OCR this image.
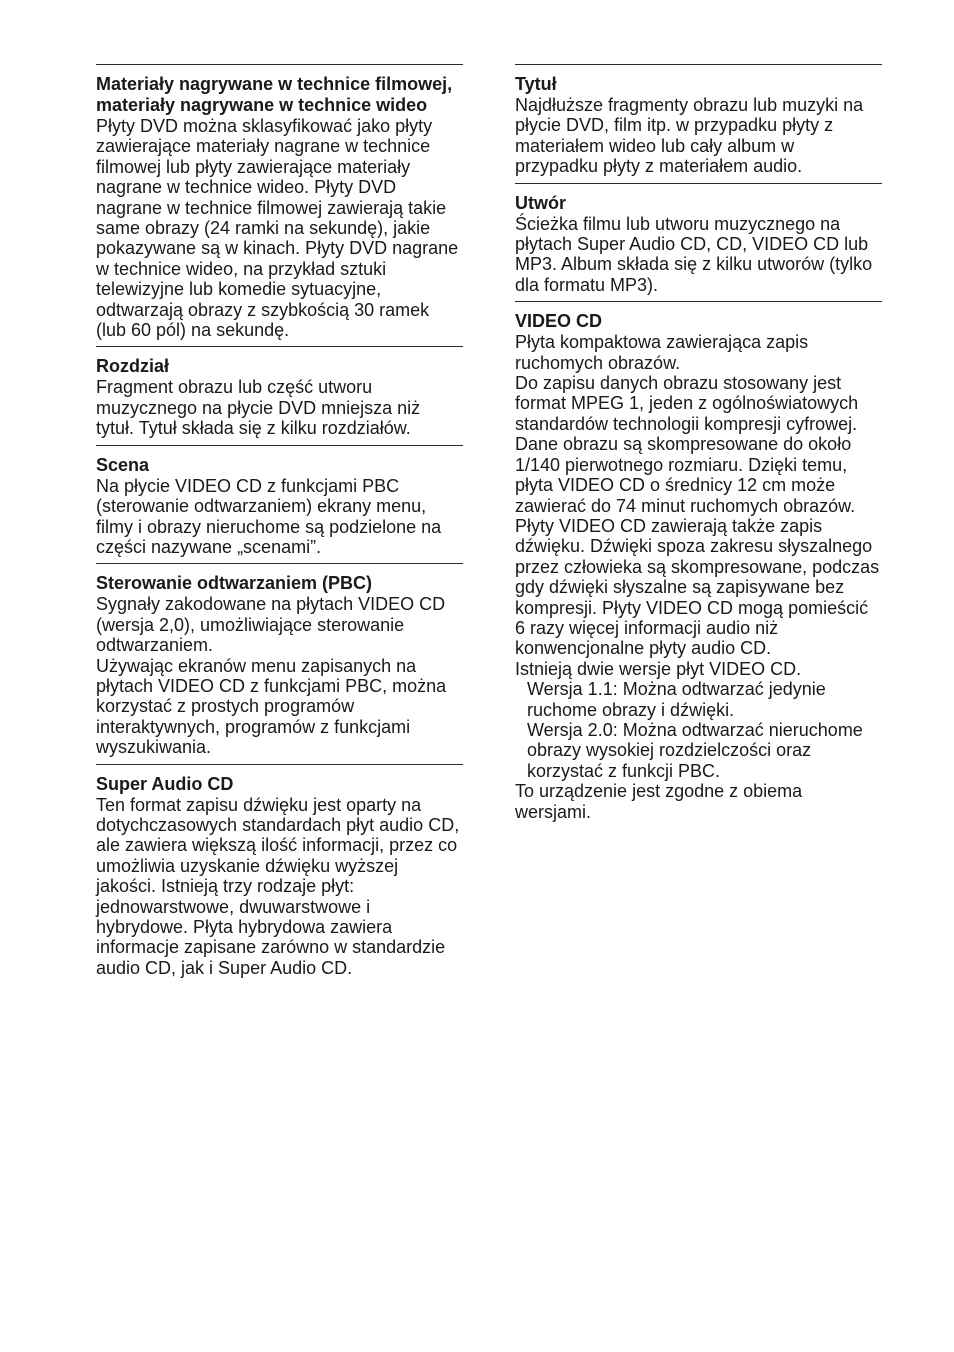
Materiały nagrywane w technice filmowej, materiały nagrywane w technice wideo

Płyty DVD można sklasyfikować jako płyty zawierające materiały nagrane w technice filmowej lub płyty zawierające materiały nagrane w technice wideo. Płyty DVD nagrane w technice filmowej zawierają takie same obrazy (24 ramki na sekundę), jakie pokazywane są w kinach. Płyty DVD nagrane w technice wideo, na przykład sztuki telewizyjne lub komedie sytuacyjne, odtwarzają obrazy z szybkością 30 ramek (lub 60 pól) na sekundę.

Rozdział

Fragment obrazu lub część utworu muzycznego na płycie DVD mniejsza niż tytuł. Tytuł składa się z kilku rozdziałów.

Scena

Na płycie VIDEO CD z funkcjami PBC (sterowanie odtwarzaniem) ekrany menu, filmy i obrazy nieruchome są podzielone na części nazywane „scenami”.

Sterowanie odtwarzaniem (PBC)

Sygnały zakodowane na płytach VIDEO CD (wersja 2,0), umożliwiające sterowanie odtwarzaniem.

Używając ekranów menu zapisanych na płytach VIDEO CD z funkcjami PBC, można korzystać z prostych programów interaktywnych, programów z funkcjami wyszukiwania.

Super Audio CD

Ten format zapisu dźwięku jest oparty na dotychczasowych standardach płyt audio CD, ale zawiera większą ilość informacji, przez co umożliwia uzyskanie dźwięku wyższej jakości. Istnieją trzy rodzaje płyt: jednowarstwowe, dwuwarstwowe i hybrydowe. Płyta hybrydowa zawiera informacje zapisane zarówno w standardzie audio CD, jak i Super Audio CD.

Tytuł

Najdłuższe fragmenty obrazu lub muzyki na płycie DVD, film itp. w przypadku płyty z materiałem wideo lub cały album w przypadku płyty z materiałem audio.

Utwór

Ścieżka filmu lub utworu muzycznego na płytach Super Audio CD, CD, VIDEO CD lub MP3. Album składa się z kilku utworów (tylko dla formatu MP3).

VIDEO CD

Płyta kompaktowa zawierająca zapis ruchomych obrazów.

Do zapisu danych obrazu stosowany jest format MPEG 1, jeden z ogólnoświatowych standardów technologii kompresji cyfrowej. Dane obrazu są skompresowane do około 1/140 pierwotnego rozmiaru. Dzięki temu, płyta VIDEO CD o średnicy 12 cm może zawierać do 74 minut ruchomych obrazów.

Płyty VIDEO CD zawierają także zapis dźwięku. Dźwięki spoza zakresu słyszalnego przez człowieka są skompresowane, podczas gdy dźwięki słyszalne są zapisywane bez kompresji. Płyty VIDEO CD mogą pomieścić 6 razy więcej informacji audio niż konwencjonalne płyty audio CD.

Istnieją dwie wersje płyt VIDEO CD.

Wersja 1.1: Można odtwarzać jedynie ruchome obrazy i dźwięki.

Wersja 2.0: Można odtwarzać nieruchome obrazy wysokiej rozdzielczości oraz korzystać z funkcji PBC.

To urządzenie jest zgodne z obiema wersjami.
